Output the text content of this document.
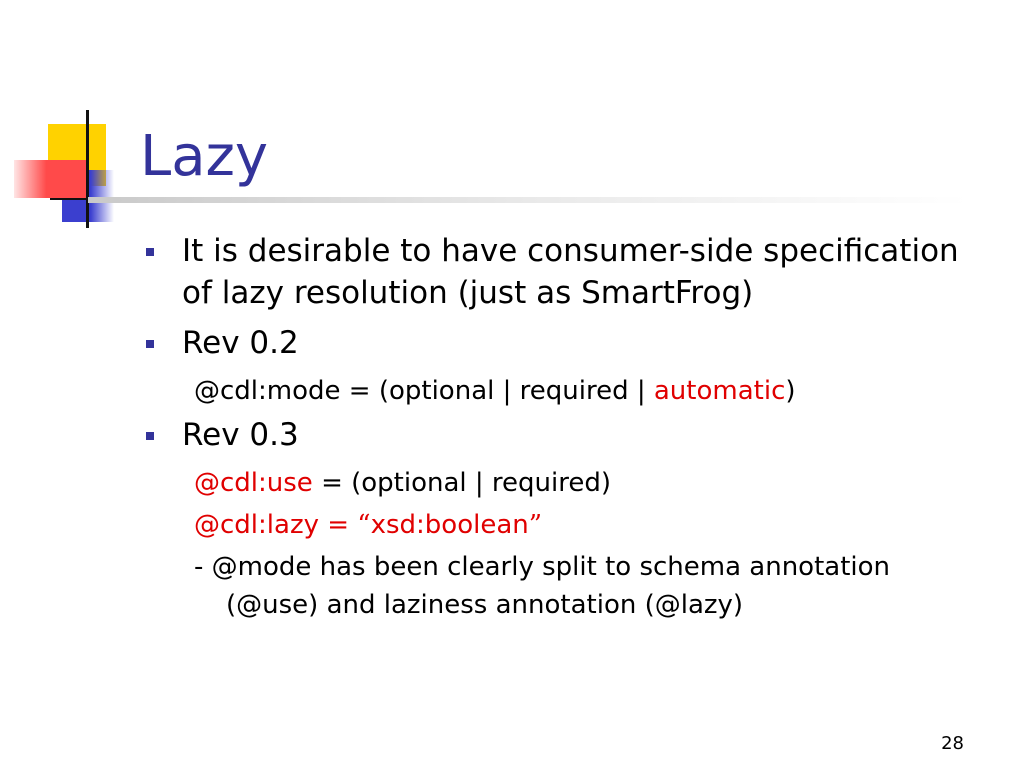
Lazy
It is desirable to have consumer-side specification of lazy resolution (just as SmartFrog)
Rev 0.2
@cdl:mode = (optional | required | automatic)
Rev 0.3
@cdl:use = (optional | required)
@cdl:lazy = “xsd:boolean”
- @mode has been clearly split to schema annotation (@use) and laziness annotation (@lazy)
28
